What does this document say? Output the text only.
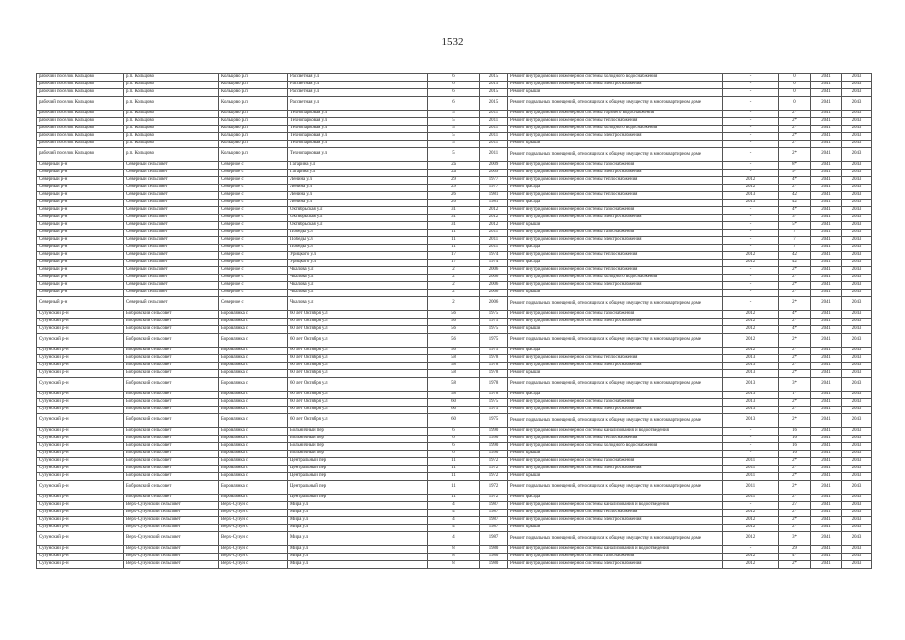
1532
рабочий поселок Кольцово	р.п. Кольцово	Кольцово р.п	Рассветная у.л	6	2015	Ремонт внутридомовой инженерной системы холодного водоснабжения	-	0	2041	2043
рабочий поселок Кольцово	р.п. Кольцово	Кольцово р.п	Рассветная у.л	6	2015	Ремонт внутридомовой инженерной системы электроснабжения	-	0	2041	2043
рабочий поселок Кольцово	р.п. Кольцово	Кольцово р.п	Рассветная у.л	6	2015	Ремонт крыши	-	0	2041	2043
рабочий поселок Кольцово	р.п. Кольцово	Кольцово р.п	Рассветная у.л	6	2015	Ремонт подвальных помещений, относящихся к общему имуществу в многоквартирном доме	-	0	2041	2043
рабочий поселок Кольцово	р.п. Кольцово	Кольцово р.п	Технопарковая у.л	5	2011	Ремонт внутридомовой инженерной системы горячего водоснабжения	-	2*	2041	2043
рабочий поселок Кольцово	р.п. Кольцово	Кольцово р.п	Технопарковая у.л	5	2011	Ремонт внутридомовой инженерной системы теплоснабжения	-	2*	2041	2043
рабочий поселок Кольцово	р.п. Кольцово	Кольцово р.п	Технопарковая у.л	5	2011	Ремонт внутридомовой инженерной системы холодного водоснабжения	-	2*	2041	2043
рабочий поселок Кольцово	р.п. Кольцово	Кольцово р.п	Технопарковая у.л	5	2011	Ремонт внутридомовой инженерной системы электроснабжения	-	2*	2041	2043
рабочий поселок Кольцово	р.п. Кольцово	Кольцово р.п	Технопарковая у.л	5	2011	Ремонт крыши	-	2*	2041	2043
рабочий поселок Кольцово	р.п. Кольцово	Кольцово р.п	Технопарковая у.л	5	2011	Ремонт подвальных помещений, относящихся к общему имуществу в многоквартирном доме	-	2*	2041	2043
Северный р-н	Северный сельсовет	Северное с	Гагарина у.л	2а	2009	Ремонт внутридомовой инженерной системы газоснабжения	-	8*	2041	2043
Северный р-н	Северный сельсовет	Северное с	Гагарина у.л	2а	2009	Ремонт внутридомовой инженерной системы электроснабжения	-	9*	2041	2043
Северный р-н	Северный сельсовет	Северное с	Ленина у.л	29	1977	Ремонт внутридомовой инженерной системы теплоснабжения	2012	4*	2041	2043
Северный р-н	Северный сельсовет	Северное с	Ленина у.л	29	1977	Ремонт фасада	2012	2*	2041	2043
Северный р-н	Северный сельсовет	Северное с	Ленина у.л	26	1981	Ремонт внутридомовой инженерной системы теплоснабжения	2013	42	2041	2043
Северный р-н	Северный сельсовет	Северное с	Ленина у.л	26	1981	Ремонт фасада	2013	42	2041	2043
Северный р-н	Северный сельсовет	Северное с	Октябрьская у.л	31	2012	Ремонт внутридомовой инженерной системы газоснабжения	-	4*	2041	2043
Северный р-н	Северный сельсовет	Северное с	Октябрьская у.л	31	2012	Ремонт внутридомовой инженерной системы электроснабжения	-	3*	2041	2043
Северный р-н	Северный сельсовет	Северное с	Октябрьская у.л	31	2012	Ремонт крыши	-	5*	2041	2043
Северный р-н	Северный сельсовет	Северное с	Победы у.л	11	2011	Ремонт внутридомовой инженерной системы газоснабжения	-	7	2041	2043
Северный р-н	Северный сельсовет	Северное с	Победы у.л	11	2011	Ремонт внутридомовой инженерной системы электроснабжения	-	7	2041	2043
Северный р-н	Северный сельсовет	Северное с	Победы у.л	11	2011	Ремонт фасада	-	7	2041	2043
Северный р-н	Северный сельсовет	Северное с	Урицкого у.л	17	1974	Ремонт внутридомовой инженерной системы теплоснабжения	2012	42	2041	2043
Северный р-н	Северный сельсовет	Северное с	Урицкого у.л	17	1974	Ремонт фасада	2012	42	2041	2043
Северный р-н	Северный сельсовет	Северное с	Чкалова у.л	2	2006	Ремонт внутридомовой инженерной системы теплоснабжения	-	2*	2041	2043
Северный р-н	Северный сельсовет	Северное с	Чкалова у.л	2	2006	Ремонт внутридомовой инженерной системы холодного водоснабжения	-	2*	2041	2043
Северный р-н	Северный сельсовет	Северное с	Чкалова у.л	2	2006	Ремонт внутридомовой инженерной системы электроснабжения	-	2*	2041	2043
Северный р-н	Северный сельсовет	Северное с	Чкалова у.л	2	2006	Ремонт крыши	-	2*	2041	2043
Северный р-н	Северный сельсовет	Северное с	Чкалова у.л	2	2006	Ремонт подвальных помещений, относящихся к общему имуществу в многоквартирном доме	-	2*	2041	2043
Сузунский р-н	Бобровский сельсовет	Боровлянка с	60 лет Октября у.л	56	1975	Ремонт внутридомовой инженерной системы газоснабжения	2012	4*	2041	2043
Сузунский р-н	Бобровский сельсовет	Боровлянка с	60 лет Октября у.л	56	1975	Ремонт внутридомовой инженерной системы электроснабжения	2012	2*	2041	2043
Сузунский р-н	Бобровский сельсовет	Боровлянка с	60 лет Октября у.л	56	1975	Ремонт крыши	2012	4*	2041	2043
Сузунский р-н	Бобровский сельсовет	Боровлянка с	60 лет Октября у.л	56	1975	Ремонт подвальных помещений, относящихся к общему имуществу в многоквартирном доме	2012	2*	2041	2043
Сузунский р-н	Бобровский сельсовет	Боровлянка с	60 лет Октября у.л	56	1975	Ремонт фасада	2012	2*	2041	2043
Сузунский р-н	Бобровский сельсовет	Боровлянка с	60 лет Октября у.л	58	1978	Ремонт внутридомовой инженерной системы теплоснабжения	2013	2*	2041	2043
Сузунский р-н	Бобровский сельсовет	Боровлянка с	60 лет Октября у.л	58	1978	Ремонт внутридомовой инженерной системы электроснабжения	2013	2*	2041	2043
Сузунский р-н	Бобровский сельсовет	Боровлянка с	60 лет Октября у.л	58	1978	Ремонт крыши	2013	2*	2041	2043
Сузунский р-н	Бобровский сельсовет	Боровлянка с	60 лет Октября у.л	58	1978	Ремонт подвальных помещений, относящихся к общему имуществу в многоквартирном доме	2013	3*	2041	2043
Сузунский р-н	Бобровский сельсовет	Боровлянка с	60 лет Октября у.л	58	1978	Ремонт фасада	2013	1*	2041	2043
Сузунский р-н	Бобровский сельсовет	Боровлянка с	60 лет Октября у.л	60	1975	Ремонт внутридомовой инженерной системы газоснабжения	2013	2*	2041	2043
Сузунский р-н	Бобровский сельсовет	Боровлянка с	60 лет Октября у.л	60	1975	Ремонт внутридомовой инженерной системы электроснабжения	2013	2*	2041	2043
Сузунский р-н	Бобровский сельсовет	Боровлянка с	60 лет Октября у.л	60	1975	Ремонт подвальных помещений, относящихся к общему имуществу в многоквартирном доме	2013	2*	2041	2043
Сузунский р-н	Бобровский сельсовет	Боровлянка с	Больничный пер	6	1990	Ремонт внутридомовой инженерной системы канализования и водоотведения	-	16	2041	2043
Сузунский р-н	Бобровский сельсовет	Боровлянка с	Больничный пер	6	1990	Ремонт внутридомовой инженерной системы теплоснабжения	-	16	2041	2043
Сузунский р-н	Бобровский сельсовет	Боровлянка с	Больничный пер	6	1990	Ремонт внутридомовой инженерной системы холодного водоснабжения	-	16	2041	2043
Сузунский р-н	Бобровский сельсовет	Боровлянка с	Больничный пер	6	1990	Ремонт крыши	-	16	2041	2043
Сузунский р-н	Бобровский сельсовет	Боровлянка с	Центральный пер	11	1972	Ремонт внутридомовой инженерной системы газоснабжения	2011	2*	2041	2043
Сузунский р-н	Бобровский сельсовет	Боровлянка с	Центральный пер	11	1972	Ремонт внутридомовой инженерной системы электроснабжения	2011	2*	2041	2043
Сузунский р-н	Бобровский сельсовет	Боровлянка с	Центральный пер	11	1972	Ремонт крыши	2011	2*	2041	2043
Сузунский р-н	Бобровский сельсовет	Боровлянка с	Центральный пер	11	1972	Ремонт подвальных помещений, относящихся к общему имуществу в многоквартирном доме	2011	2*	2041	2043
Сузунский р-н	Бобровский сельсовет	Боровлянка с	Центральный пер	11	1972	Ремонт фасада	2011	2*	2041	2043
Сузунский р-н	Верх-Сузунский сельсовет	Верх-Сузун с	Мира у.л	4	1987	Ремонт внутридомовой инженерной системы канализования и водоотведения	-	27	2041	2043
Сузунский р-н	Верх-Сузунский сельсовет	Верх-Сузун с	Мира у.л	4	1987	Ремонт внутридомовой инженерной системы теплоснабжения	2012	2*	2041	2043
Сузунский р-н	Верх-Сузунский сельсовет	Верх-Сузун с	Мира у.л	4	1987	Ремонт внутридомовой инженерной системы электроснабжения	2012	2*	2041	2043
Сузунский р-н	Верх-Сузунский сельсовет	Верх-Сузун с	Мира у.л	4	1987	Ремонт крыши	2012	2*	2041	2043
Сузунский р-н	Верх-Сузунский сельсовет	Верх-Сузун с	Мира у.л	4	1987	Ремонт подвальных помещений, относящихся к общему имуществу в многоквартирном доме	2012	3*	2041	2043
Сузунский р-н	Верх-Сузунский сельсовет	Верх-Сузун с	Мира у.л	8	1980	Ремонт внутридомовой инженерной системы канализования и водоотведения	-	29	2041	2043
Сузунский р-н	Верх-Сузунский сельсовет	Верх-Сузун с	Мира у.л	8	1980	Ремонт внутридомовой инженерной системы газоснабжения	2012	4*	2041	2043
Сузунский р-н	Верх-Сузунский сельсовет	Верх-Сузун с	Мира у.л	8	1980	Ремонт внутридомовой инженерной системы электроснабжения	2012	2*	2041	2043
